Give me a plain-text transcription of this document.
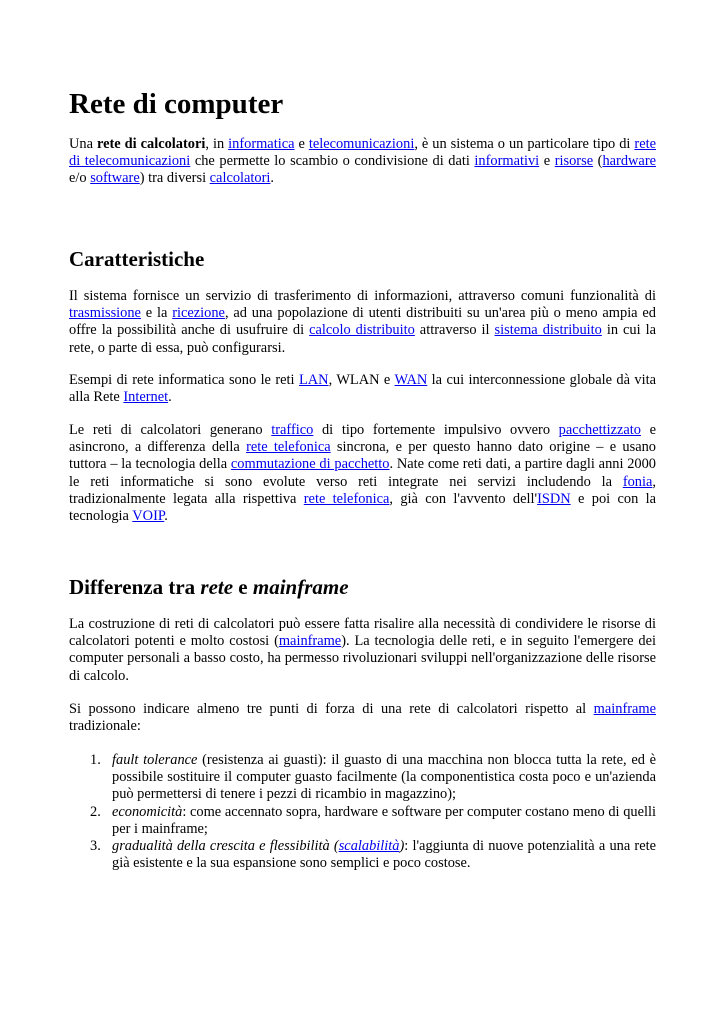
Rete di computer

Una rete di calcolatori, in informatica e telecomunicazioni, è un sistema o un particolare tipo di rete di telecomunicazioni che permette lo scambio o condivisione di dati informativi e risorse (hardware e/o software) tra diversi calcolatori.

Caratteristiche

Il sistema fornisce un servizio di trasferimento di informazioni, attraverso comuni funzionalità di trasmissione e la ricezione, ad una popolazione di utenti distribuiti su un'area più o meno ampia ed offre la possibilità anche di usufruire di calcolo distribuito attraverso il sistema distribuito in cui la rete, o parte di essa, può configurarsi.

Esempi di rete informatica sono le reti LAN, WLAN e WAN la cui interconnessione globale dà vita alla Rete Internet.

Le reti di calcolatori generano traffico di tipo fortemente impulsivo ovvero pacchettizzato e asincrono, a differenza della rete telefonica sincrona, e per questo hanno dato origine – e usano tuttora – la tecnologia della commutazione di pacchetto. Nate come reti dati, a partire dagli anni 2000 le reti informatiche si sono evolute verso reti integrate nei servizi includendo la fonia, tradizionalmente legata alla rispettiva rete telefonica, già con l'avvento dell'ISDN e poi con la tecnologia VOIP.

Differenza tra rete e mainframe

La costruzione di reti di calcolatori può essere fatta risalire alla necessità di condividere le risorse di calcolatori potenti e molto costosi (mainframe). La tecnologia delle reti, e in seguito l'emergere dei computer personali a basso costo, ha permesso rivoluzionari sviluppi nell'organizzazione delle risorse di calcolo.

Si possono indicare almeno tre punti di forza di una rete di calcolatori rispetto al mainframe tradizionale:

1. fault tolerance (resistenza ai guasti): il guasto di una macchina non blocca tutta la rete, ed è possibile sostituire il computer guasto facilmente (la componentistica costa poco e un'azienda può permettersi di tenere i pezzi di ricambio in magazzino);
2. economicità: come accennato sopra, hardware e software per computer costano meno di quelli per i mainframe;
3. gradualità della crescita e flessibilità (scalabilità): l'aggiunta di nuove potenzialità a una rete già esistente e la sua espansione sono semplici e poco costose.
